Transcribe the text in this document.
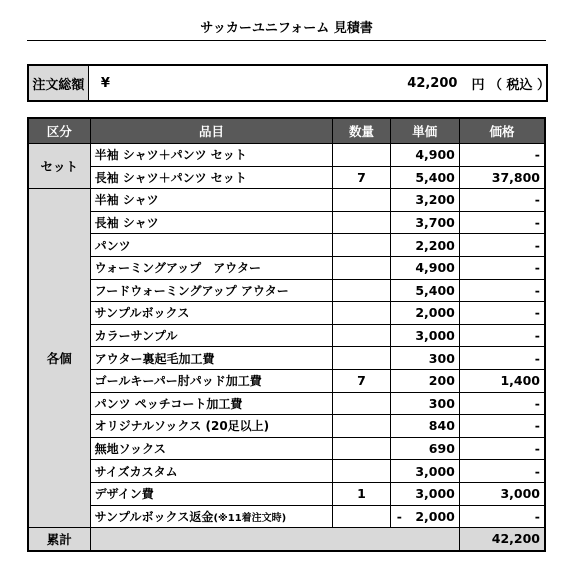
サッカーユニフォーム 見積書
注文総額	¥	42,200 円 （ 税込 ）
区分	品目	数量	単価	価格
セット	半袖 シャツ＋パンツ セット		4,900	-
	長袖 シャツ＋パンツ セット	7	5,400	37,800
各個	半袖 シャツ		3,200	-
	長袖 シャツ		3,700	-
	パンツ		2,200	-
	ウォーミングアップ　アウター		4,900	-
	フードウォーミングアップ アウター		5,400	-
	サンプルボックス		2,000	-
	カラーサンプル		3,000	-
	アウター裏起毛加工費		300	-
	ゴールキーパー肘パッド加工費	7	200	1,400
	パンツ ペッチコート加工費		300	-
	オリジナルソックス (20足以上)		840	-
	無地ソックス		690	-
	サイズカスタム		3,000	-
	デザイン費	1	3,000	3,000
	サンプルボックス返金(※11着注文時)		- 2,000	-
累計				42,200
